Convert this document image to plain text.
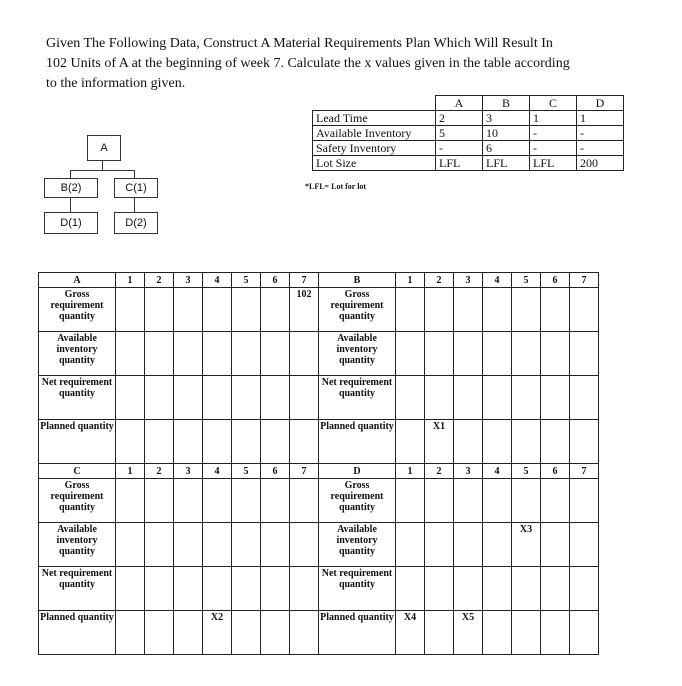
Given The Following Data, Construct A Material Requirements Plan Which Will Result In

102 Units of A at the beginning of week 7. Calculate the x values given in the table according

to the information given.

	A	B	C	D
Lead Time	2	3	1	1
Available Inventory	5	10	-	-
Safety Inventory	-	6	-	-
Lot Size	LFL	LFL	LFL	200
*LFL= Lot for lot
A
B(2)	C(1)
D(1)	D(2)
A	1	2	3	4	5	6	7	B	1	2	3	4	5	6	7
Gross requirement quantity							102	Gross requirement quantity							
Available inventory quantity								Available inventory quantity							
Net requirement quantity								Net requirement quantity							
Planned quantity								Planned quantity		X1					
C	1	2	3	4	5	6	7	D	1	2	3	4	5	6	7
Gross requirement quantity								Gross requirement quantity							
Available inventory quantity								Available inventory quantity					X3		
Net requirement quantity								Net requirement quantity							
Planned quantity				X2				Planned quantity	X4		X5				
